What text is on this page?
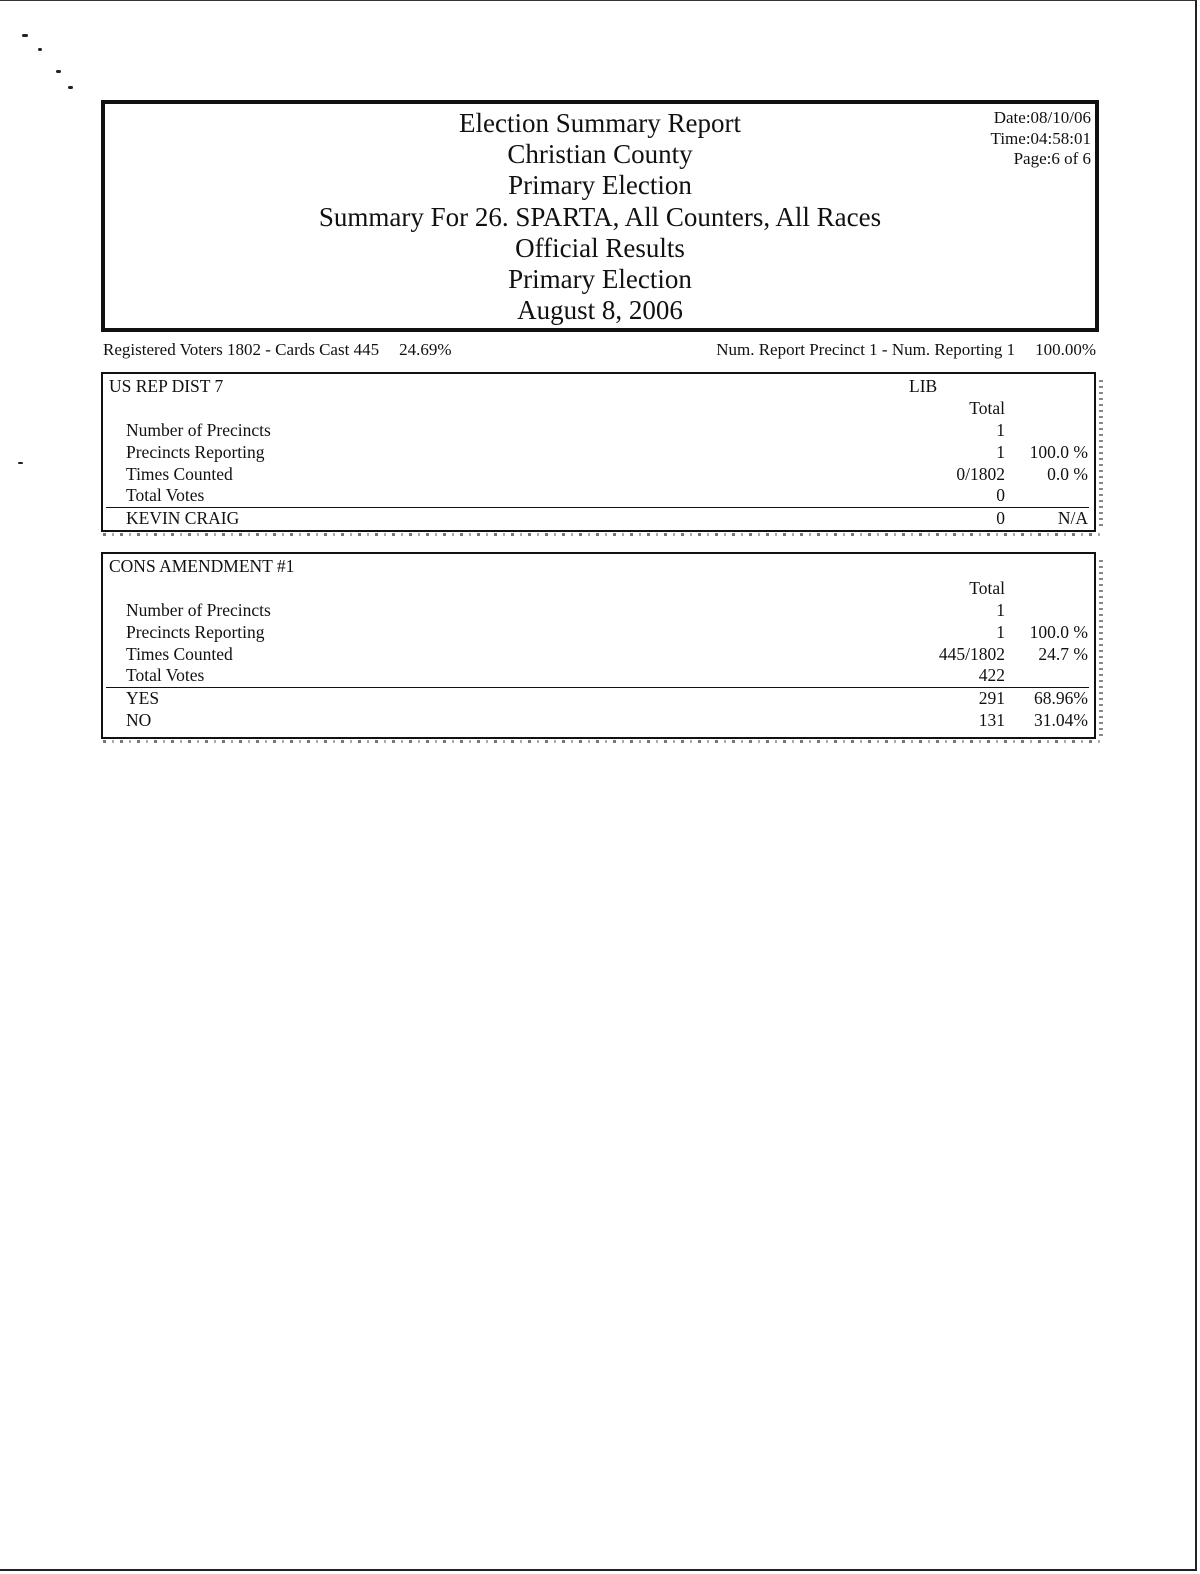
Election Summary Report
Christian County
Primary Election
Summary For 26. SPARTA, All Counters, All Races
Official Results
Primary Election
August 8, 2006
Date:08/10/06
Time:04:58:01
Page:6 of 6
Registered Voters 1802 - Cards Cast 445 24.69%	Num. Report Precinct 1 - Num. Reporting 1 100.00%
US REP DIST 7	LIB
Total
Number of Precincts	1
Precincts Reporting	1 100.0 %
Times Counted	0/1802 0.0 %
Total Votes	0
KEVIN CRAIG	0	N/A
CONS AMENDMENT #1
Total
Number of Precincts	1
Precincts Reporting	1 100.0 %
Times Counted	445/1802 24.7 %
Total Votes	422
YES	291 68.96%
NO	131 31.04%
